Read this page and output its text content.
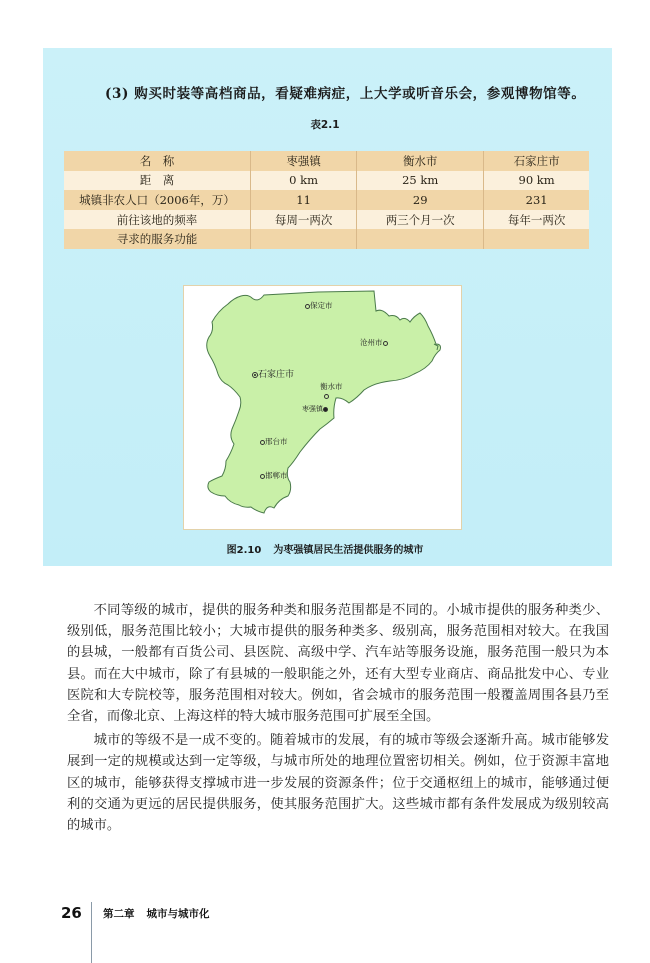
(3) 购买时装等高档商品，看疑难病症，上大学或听音乐会，参观博物馆等。
表2.1
名　称	枣强镇	衡水市	石家庄市
距　离	0 km	25 km	90 km
城镇非农人口（2006年，万）	11	29	231
前往该地的频率	每周一两次	两三个月一次	每年一两次
寻求的服务功能			
保定市
沧州市
石家庄市
衡水市
枣强镇
邢台市
邯郸市
图2.10 为枣强镇居民生活提供服务的城市

不同等级的城市，提供的服务种类和服务范围都是不同的。小城市提供的服务种类少、级别低，服务范围比较小；大城市提供的服务种类多、级别高，服务范围相对较大。在我国的县城，一般都有百货公司、县医院、高级中学、汽车站等服务设施，服务范围一般只为本县。而在大中城市，除了有县城的一般职能之外，还有大型专业商店、商品批发中心、专业医院和大专院校等，服务范围相对较大。例如，省会城市的服务范围一般覆盖周围各县乃至全省，而像北京、上海这样的特大城市服务范围可扩展至全国。

城市的等级不是一成不变的。随着城市的发展，有的城市等级会逐渐升高。城市能够发展到一定的规模或达到一定等级，与城市所处的地理位置密切相关。例如，位于资源丰富地区的城市，能够获得支撑城市进一步发展的资源条件；位于交通枢纽上的城市，能够通过便利的交通为更远的居民提供服务，使其服务范围扩大。这些城市都有条件发展成为级别较高的城市。

26 第二章 城市与城市化
